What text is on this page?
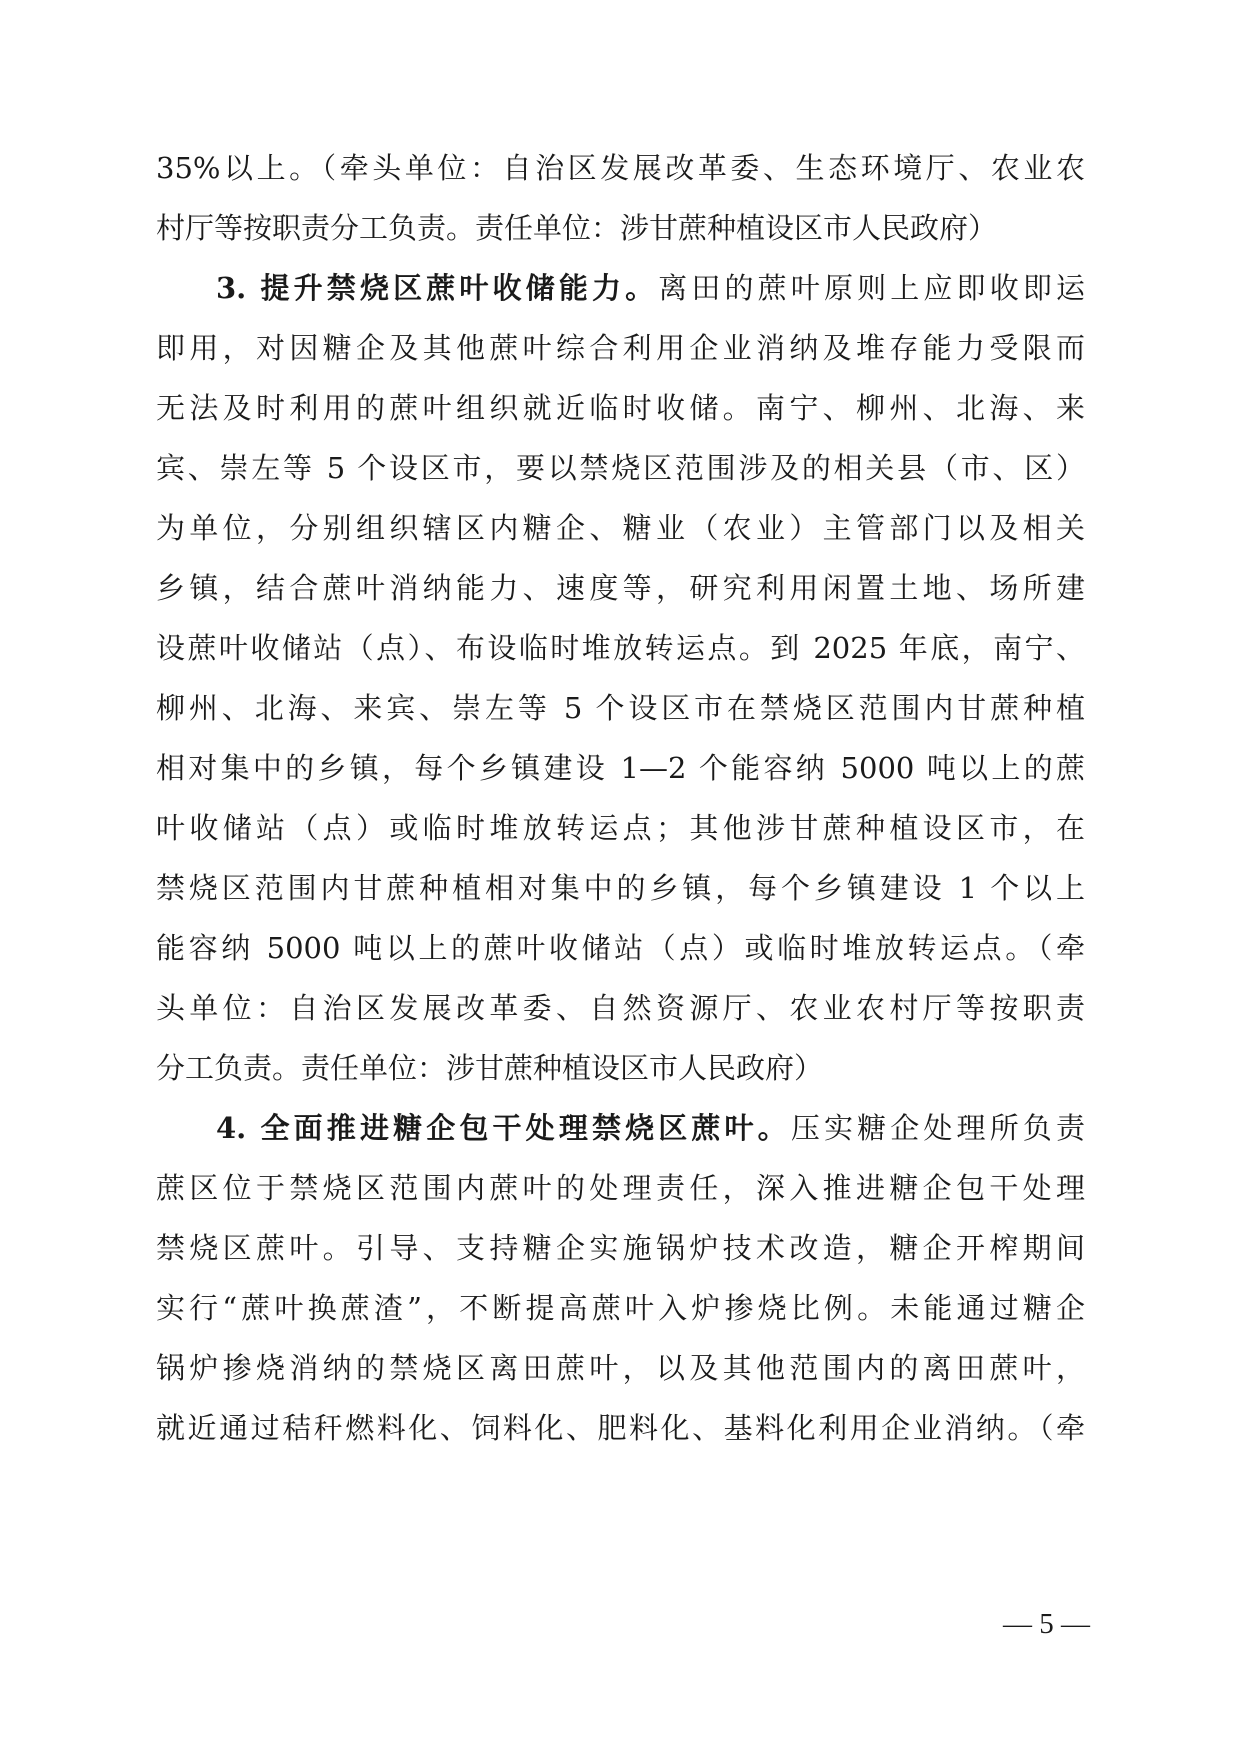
35%以上。（牵头单位：自治区发展改革委、生态环境厅、农业农
村厅等按职责分工负责。责任单位：涉甘蔗种植设区市人民政府）
3. 提升禁烧区蔗叶收储能力。离田的蔗叶原则上应即收即运
即用，对因糖企及其他蔗叶综合利用企业消纳及堆存能力受限而
无法及时利用的蔗叶组织就近临时收储。南宁、柳州、北海、来
宾、崇左等 5 个设区市，要以禁烧区范围涉及的相关县（市、区）
为单位，分别组织辖区内糖企、糖业（农业）主管部门以及相关
乡镇，结合蔗叶消纳能力、速度等，研究利用闲置土地、场所建
设蔗叶收储站（点）、布设临时堆放转运点。到 2025 年底，南宁、
柳州、北海、来宾、崇左等 5 个设区市在禁烧区范围内甘蔗种植
相对集中的乡镇，每个乡镇建设 1—2 个能容纳 5000 吨以上的蔗
叶收储站（点）或临时堆放转运点；其他涉甘蔗种植设区市，在
禁烧区范围内甘蔗种植相对集中的乡镇，每个乡镇建设 1 个以上
能容纳 5000 吨以上的蔗叶收储站（点）或临时堆放转运点。（牵
头单位：自治区发展改革委、自然资源厅、农业农村厅等按职责
分工负责。责任单位：涉甘蔗种植设区市人民政府）
4. 全面推进糖企包干处理禁烧区蔗叶。压实糖企处理所负责
蔗区位于禁烧区范围内蔗叶的处理责任，深入推进糖企包干处理
禁烧区蔗叶。引导、支持糖企实施锅炉技术改造，糖企开榨期间
实行“蔗叶换蔗渣”，不断提高蔗叶入炉掺烧比例。未能通过糖企
锅炉掺烧消纳的禁烧区离田蔗叶，以及其他范围内的离田蔗叶，
就近通过秸秆燃料化、饲料化、肥料化、基料化利用企业消纳。（牵
— 5 —
